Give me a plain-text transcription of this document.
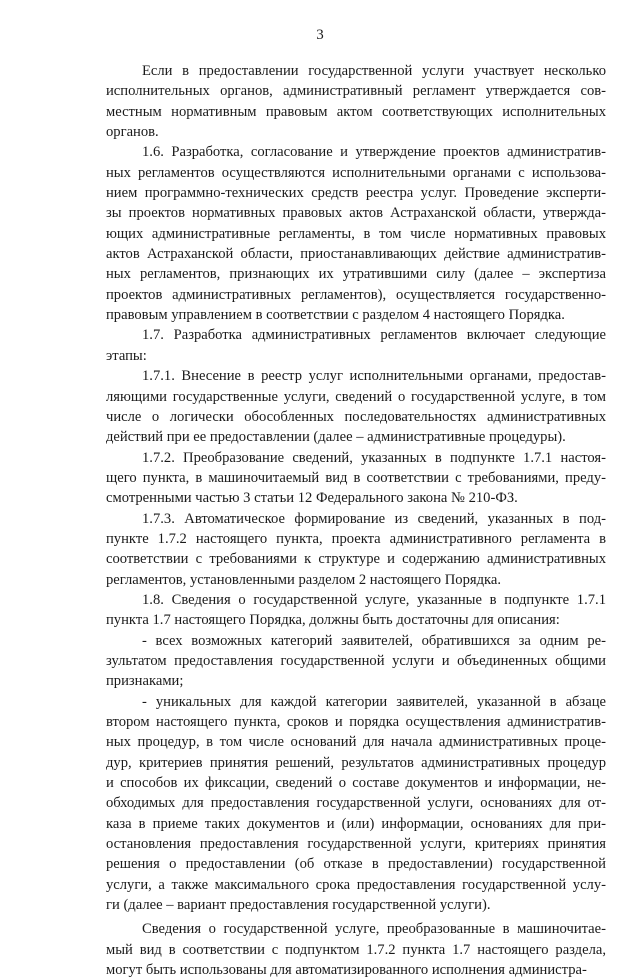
3
Если в предоставлении государственной услуги участвует несколько
исполнительных органов, административный регламент утверждается сов-
местным нормативным правовым актом соответствующих исполнительных
органов.
1.6. Разработка, согласование и утверждение проектов административ-
ных регламентов осуществляются исполнительными органами с использова-
нием программно-технических средств реестра услуг. Проведение эксперти-
зы проектов нормативных правовых актов Астраханской области, утвержда-
ющих административные регламенты, в том числе нормативных правовых
актов Астраханской области, приостанавливающих действие административ-
ных регламентов, признающих их утратившими силу (далее – экспертиза
проектов административных регламентов), осуществляется государственно-
правовым управлением в соответствии с разделом 4 настоящего Порядка.
1.7. Разработка административных регламентов включает следующие
этапы:
1.7.1. Внесение в реестр услуг исполнительными органами, предостав-
ляющими государственные услуги, сведений о государственной услуге, в том
числе о логически обособленных последовательностях административных
действий при ее предоставлении (далее – административные процедуры).
1.7.2. Преобразование сведений, указанных в подпункте 1.7.1 настоя-
щего пункта, в машиночитаемый вид в соответствии с требованиями, преду-
смотренными частью 3 статьи 12 Федерального закона № 210-ФЗ.
1.7.3. Автоматическое формирование из сведений, указанных в под-
пункте 1.7.2 настоящего пункта, проекта административного регламента в
соответствии с требованиями к структуре и содержанию административных
регламентов, установленными разделом 2 настоящего Порядка.
1.8. Сведения о государственной услуге, указанные в подпункте 1.7.1
пункта 1.7 настоящего Порядка, должны быть достаточны для описания:
- всех возможных категорий заявителей, обратившихся за одним ре-
зультатом предоставления государственной услуги и объединенных общими
признаками;
- уникальных для каждой категории заявителей, указанной в абзаце
втором настоящего пункта, сроков и порядка осуществления административ-
ных процедур, в том числе оснований для начала административных проце-
дур, критериев принятия решений, результатов административных процедур
и способов их фиксации, сведений о составе документов и информации, не-
обходимых для предоставления государственной услуги, основаниях для от-
каза в приеме таких документов и (или) информации, основаниях для при-
остановления предоставления государственной услуги, критериях принятия
решения о предоставлении (об отказе в предоставлении) государственной
услуги, а также максимального срока предоставления государственной услу-
ги (далее – вариант предоставления государственной услуги).
Сведения о государственной услуге, преобразованные в машиночитае-
мый вид в соответствии с подпунктом 1.7.2 пункта 1.7 настоящего раздела,
могут быть использованы для автоматизированного исполнения администра-
